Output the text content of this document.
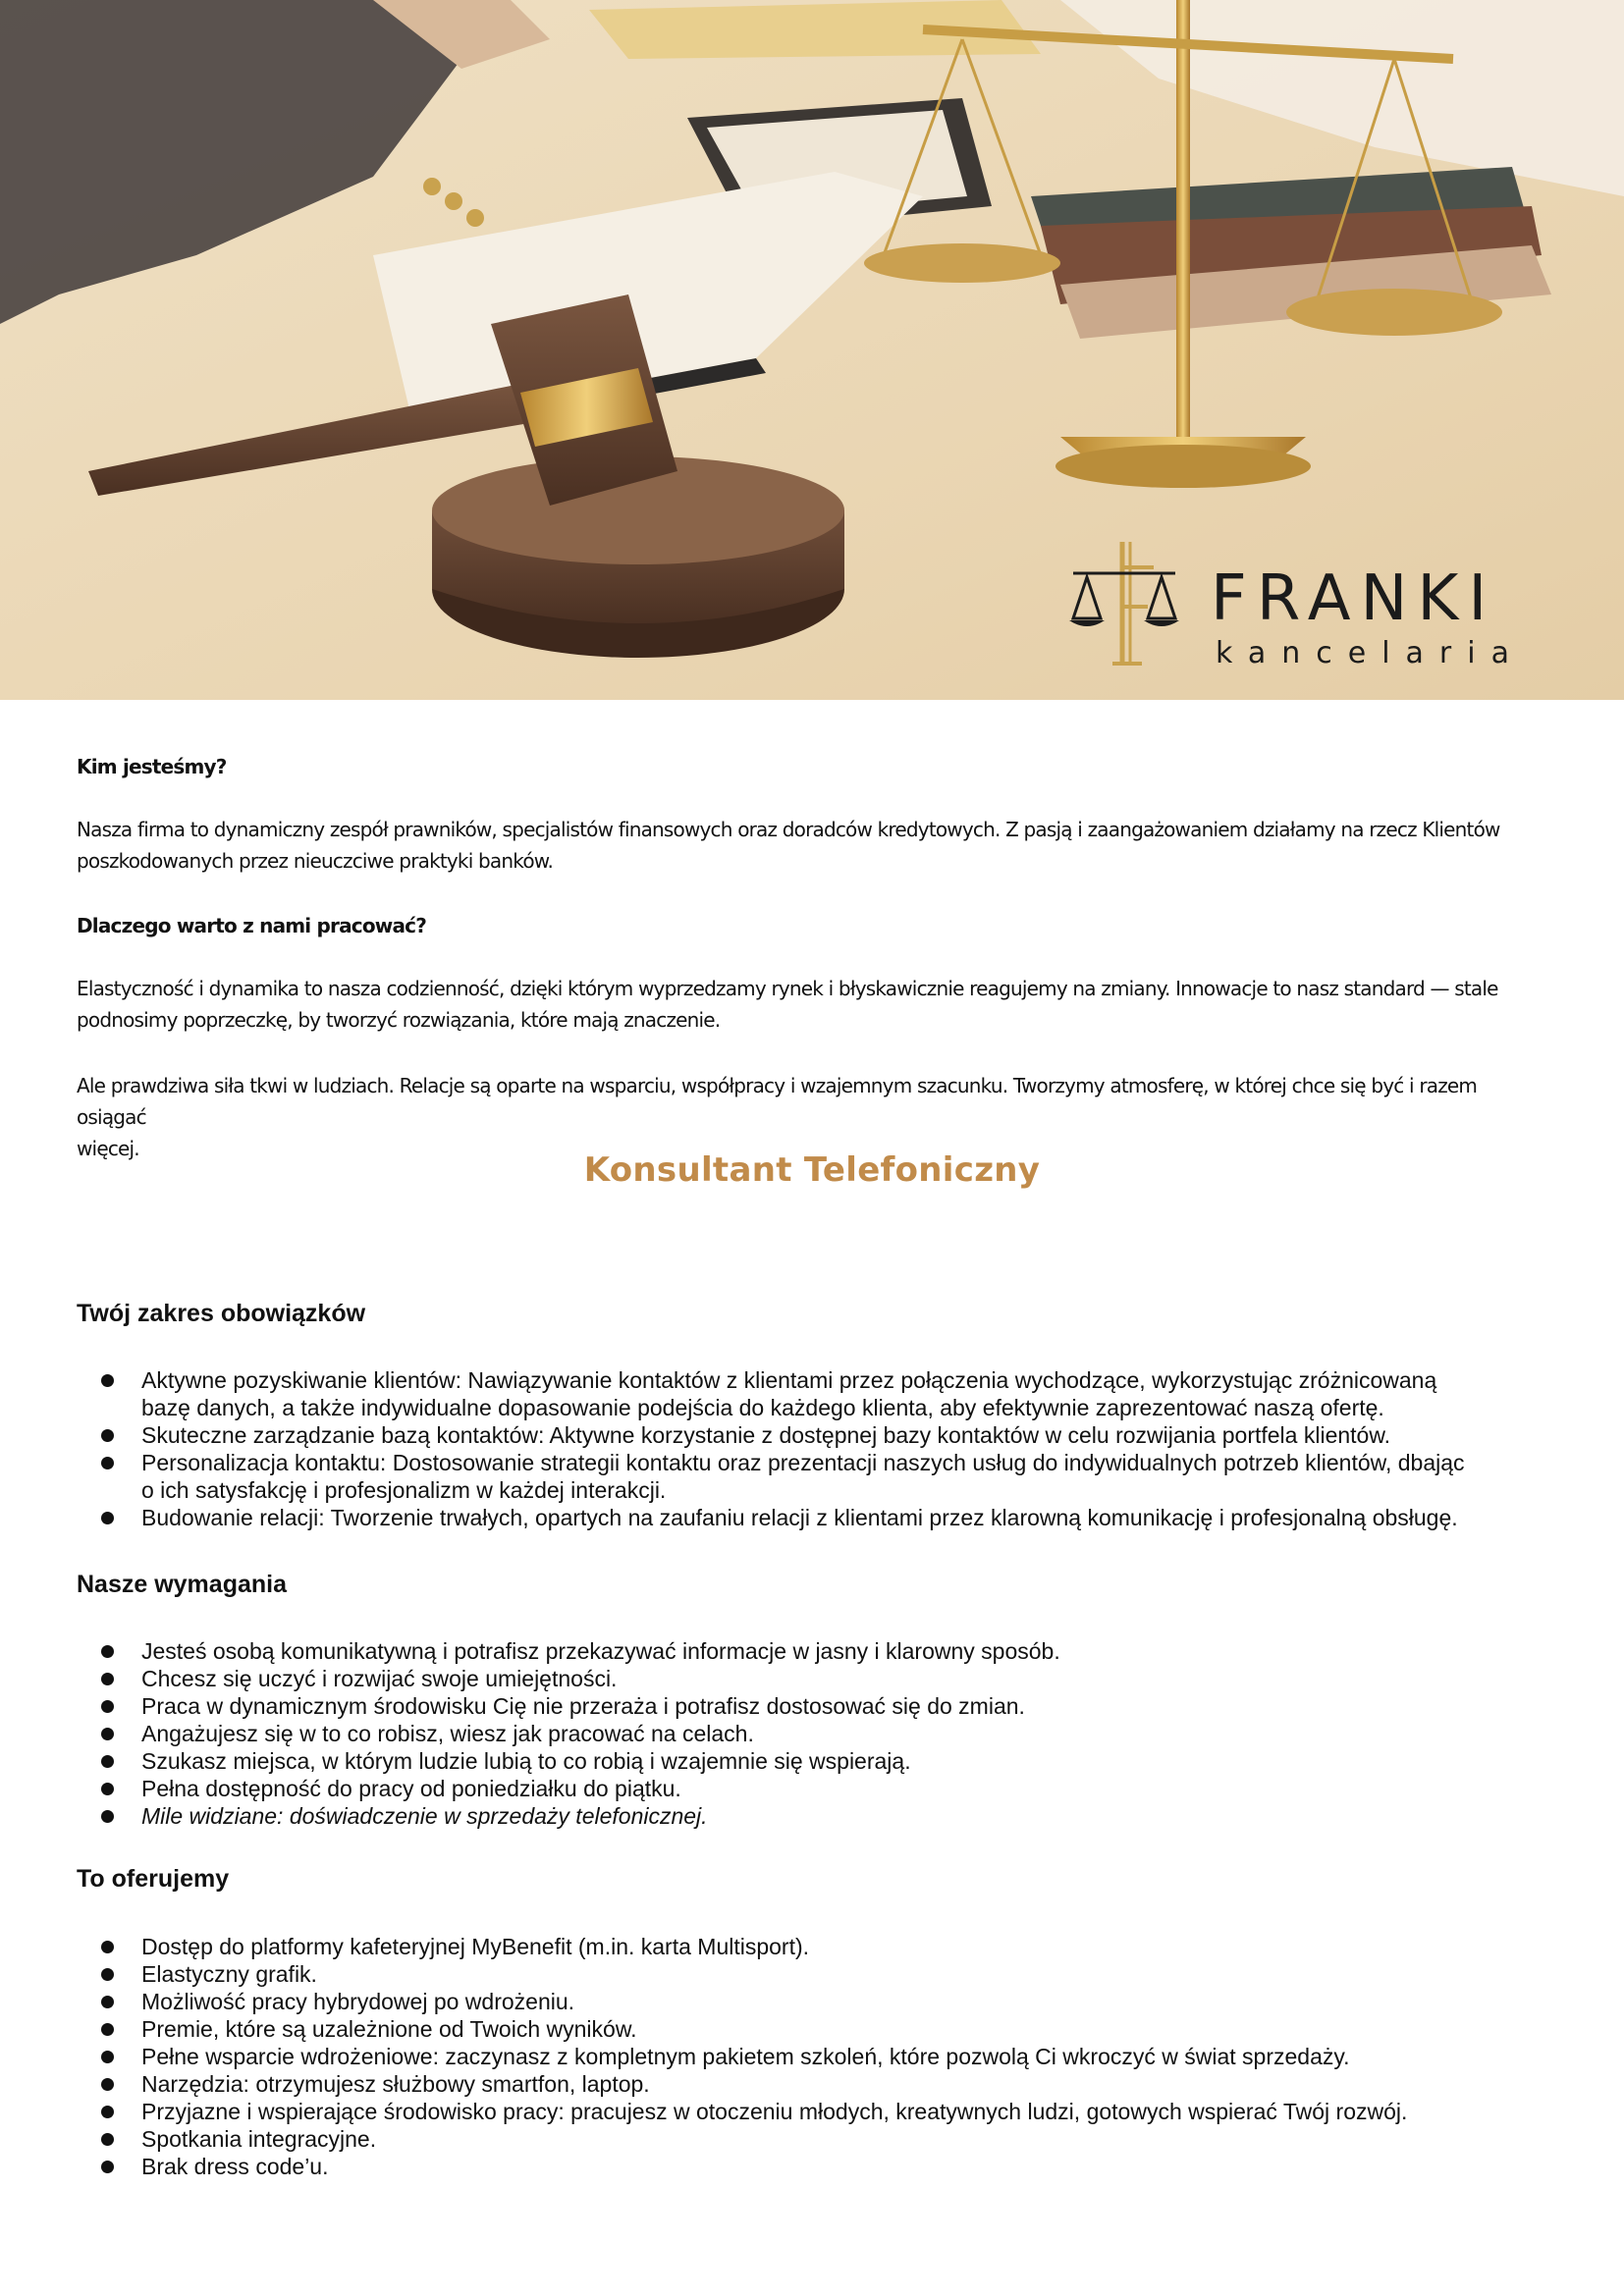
FRANKI
kancelaria
Kim jesteśmy?
Nasza firma to dynamiczny zespół prawników, specjalistów finansowych oraz doradców kredytowych. Z pasją i zaangażowaniem działamy na rzecz Klientów
poszkodowanych przez nieuczciwe praktyki banków.
Dlaczego warto z nami pracować?
Elastyczność i dynamika to nasza codzienność, dzięki którym wyprzedzamy rynek i błyskawicznie reagujemy na zmiany. Innowacje to nasz standard — stale
podnosimy poprzeczkę, by tworzyć rozwiązania, które mają znaczenie.
Ale prawdziwa siła tkwi w ludziach. Relacje są oparte na wsparciu, współpracy i wzajemnym szacunku. Tworzymy atmosferę, w której chce się być i razem osiągać
więcej.
Konsultant Telefoniczny
Twój zakres obowiązków
Aktywne pozyskiwanie klientów: Nawiązywanie kontaktów z klientami przez połączenia wychodzące, wykorzystując zróżnicowaną
bazę danych, a także indywidualne dopasowanie podejścia do każdego klienta, aby efektywnie zaprezentować naszą ofertę.
Skuteczne zarządzanie bazą kontaktów: Aktywne korzystanie z dostępnej bazy kontaktów w celu rozwijania portfela klientów.
Personalizacja kontaktu: Dostosowanie strategii kontaktu oraz prezentacji naszych usług do indywidualnych potrzeb klientów, dbając
o ich satysfakcję i profesjonalizm w każdej interakcji.
Budowanie relacji: Tworzenie trwałych, opartych na zaufaniu relacji z klientami przez klarowną komunikację i profesjonalną obsługę.
Nasze wymagania
Jesteś osobą komunikatywną i potrafisz przekazywać informacje w jasny i klarowny sposób.
Chcesz się uczyć i rozwijać swoje umiejętności.
Praca w dynamicznym środowisku Cię nie przeraża i potrafisz dostosować się do zmian.
Angażujesz się w to co robisz, wiesz jak pracować na celach.
Szukasz miejsca, w którym ludzie lubią to co robią i wzajemnie się wspierają.
Pełna dostępność do pracy od poniedziałku do piątku.
Mile widziane: doświadczenie w sprzedaży telefonicznej.
To oferujemy
Dostęp do platformy kafeteryjnej MyBenefit (m.in. karta Multisport).
Elastyczny grafik.
Możliwość pracy hybrydowej po wdrożeniu.
Premie, które są uzależnione od Twoich wyników.
Pełne wsparcie wdrożeniowe: zaczynasz z kompletnym pakietem szkoleń, które pozwolą Ci wkroczyć w świat sprzedaży.
Narzędzia: otrzymujesz służbowy smartfon, laptop.
Przyjazne i wspierające środowisko pracy: pracujesz w otoczeniu młodych, kreatywnych ludzi, gotowych wspierać Twój rozwój.
Spotkania integracyjne.
Brak dress code’u.
